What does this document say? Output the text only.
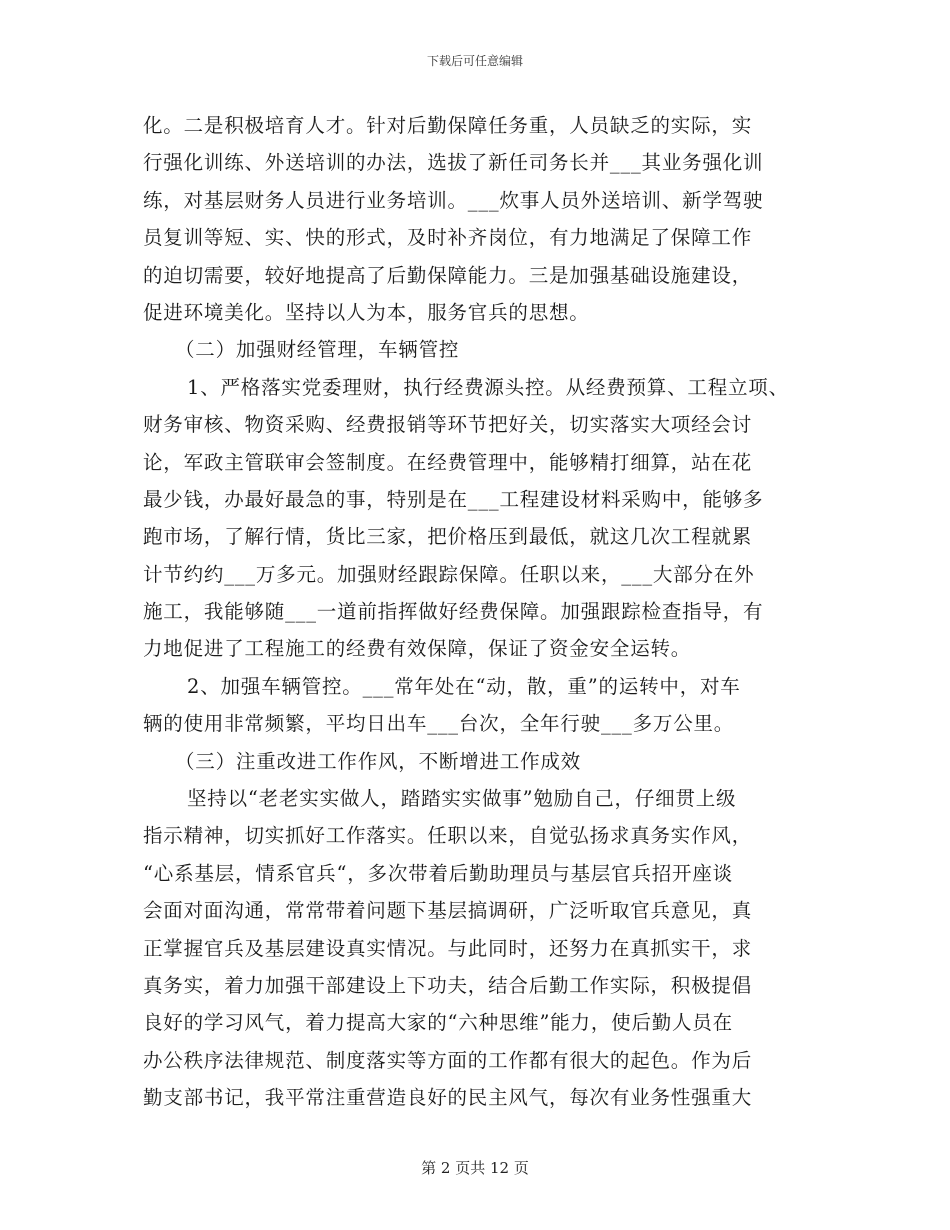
下载后可任意编辑
化。二是积极培育人才。针对后勤保障任务重，人员缺乏的实际，实
行强化训练、外送培训的办法，选拔了新任司务长并___其业务强化训
练，对基层财务人员进行业务培训。___炊事人员外送培训、新学驾驶
员复训等短、实、快的形式，及时补齐岗位，有力地满足了保障工作
的迫切需要，较好地提高了后勤保障能力。三是加强基础设施建设，
促进环境美化。坚持以人为本，服务官兵的思想。
（二）加强财经管理，车辆管控
1、严格落实党委理财，执行经费源头控。从经费预算、工程立项、
财务审核、物资采购、经费报销等环节把好关，切实落实大项经会讨
论，军政主管联审会签制度。在经费管理中，能够精打细算，站在花
最少钱，办最好最急的事，特别是在___工程建设材料采购中，能够多
跑市场，了解行情，货比三家，把价格压到最低，就这几次工程就累
计节约约___万多元。加强财经跟踪保障。任职以来，___大部分在外
施工，我能够随___一道前指挥做好经费保障。加强跟踪检查指导，有
力地促进了工程施工的经费有效保障，保证了资金安全运转。
2、加强车辆管控。___常年处在“动，散，重”的运转中，对车
辆的使用非常频繁，平均日出车___台次，全年行驶___多万公里。
（三）注重改进工作作风，不断增进工作成效
坚持以“老老实实做人，踏踏实实做事”勉励自己，仔细贯上级
指示精神，切实抓好工作落实。任职以来，自觉弘扬求真务实作风，
“心系基层，情系官兵“，多次带着后勤助理员与基层官兵招开座谈
会面对面沟通，常常带着问题下基层搞调研，广泛听取官兵意见，真
正掌握官兵及基层建设真实情况。与此同时，还努力在真抓实干，求
真务实，着力加强干部建设上下功夫，结合后勤工作实际，积极提倡
良好的学习风气，着力提高大家的“六种思维”能力，使后勤人员在
办公秩序法律规范、制度落实等方面的工作都有很大的起色。作为后
勤支部书记，我平常注重营造良好的民主风气，每次有业务性强重大
第 2 页共 12 页
